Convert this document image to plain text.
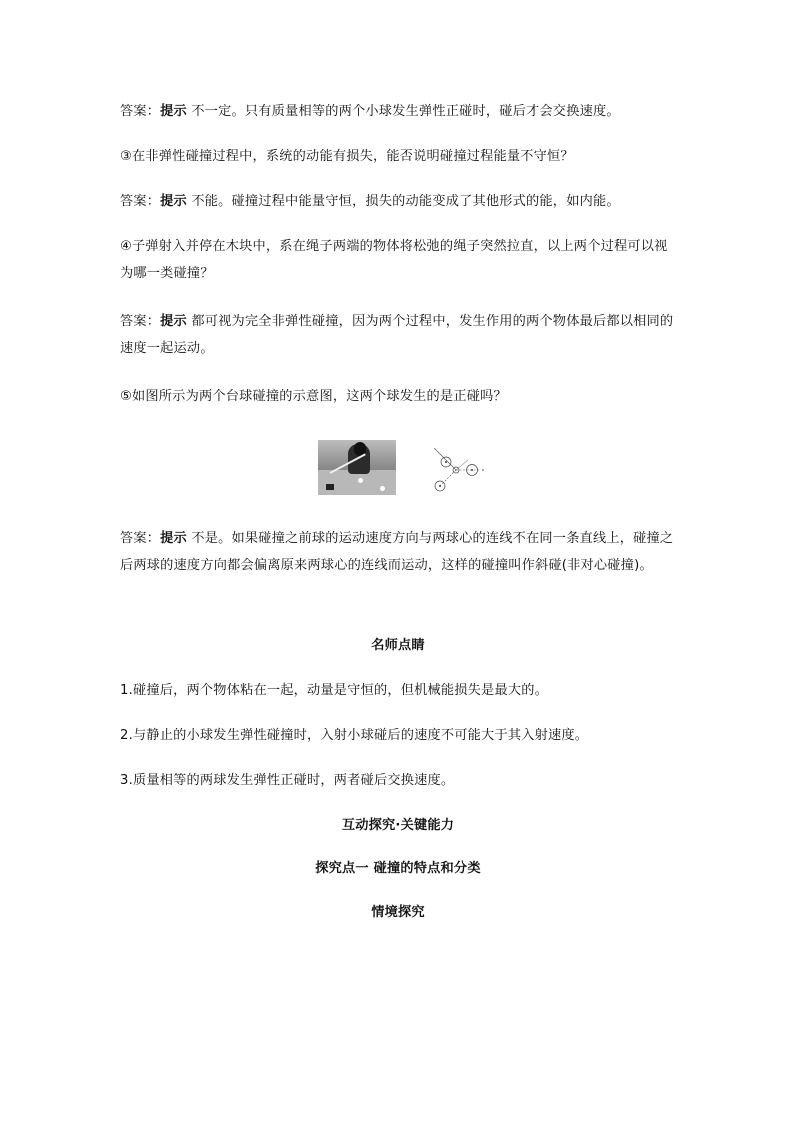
答案：提示 不一定。只有质量相等的两个小球发生弹性正碰时，碰后才会交换速度。

③在非弹性碰撞过程中，系统的动能有损失，能否说明碰撞过程能量不守恒？

答案：提示 不能。碰撞过程中能量守恒，损失的动能变成了其他形式的能，如内能。

④子弹射入并停在木块中，系在绳子两端的物体将松弛的绳子突然拉直，以上两个过程可以视为哪一类碰撞？

答案：提示 都可视为完全非弹性碰撞，因为两个过程中，发生作用的两个物体最后都以相同的速度一起运动。

⑤如图所示为两个台球碰撞的示意图，这两个球发生的是正碰吗？

答案：提示 不是。如果碰撞之前球的运动速度方向与两球心的连线不在同一条直线上，碰撞之后两球的速度方向都会偏离原来两球心的连线而运动，这样的碰撞叫作斜碰(非对心碰撞)。

名师点睛

1.碰撞后，两个物体粘在一起，动量是守恒的，但机械能损失是最大的。

2.与静止的小球发生弹性碰撞时，入射小球碰后的速度不可能大于其入射速度。

3.质量相等的两球发生弹性正碰时，两者碰后交换速度。

互动探究·关键能力

探究点一 碰撞的特点和分类

情境探究
